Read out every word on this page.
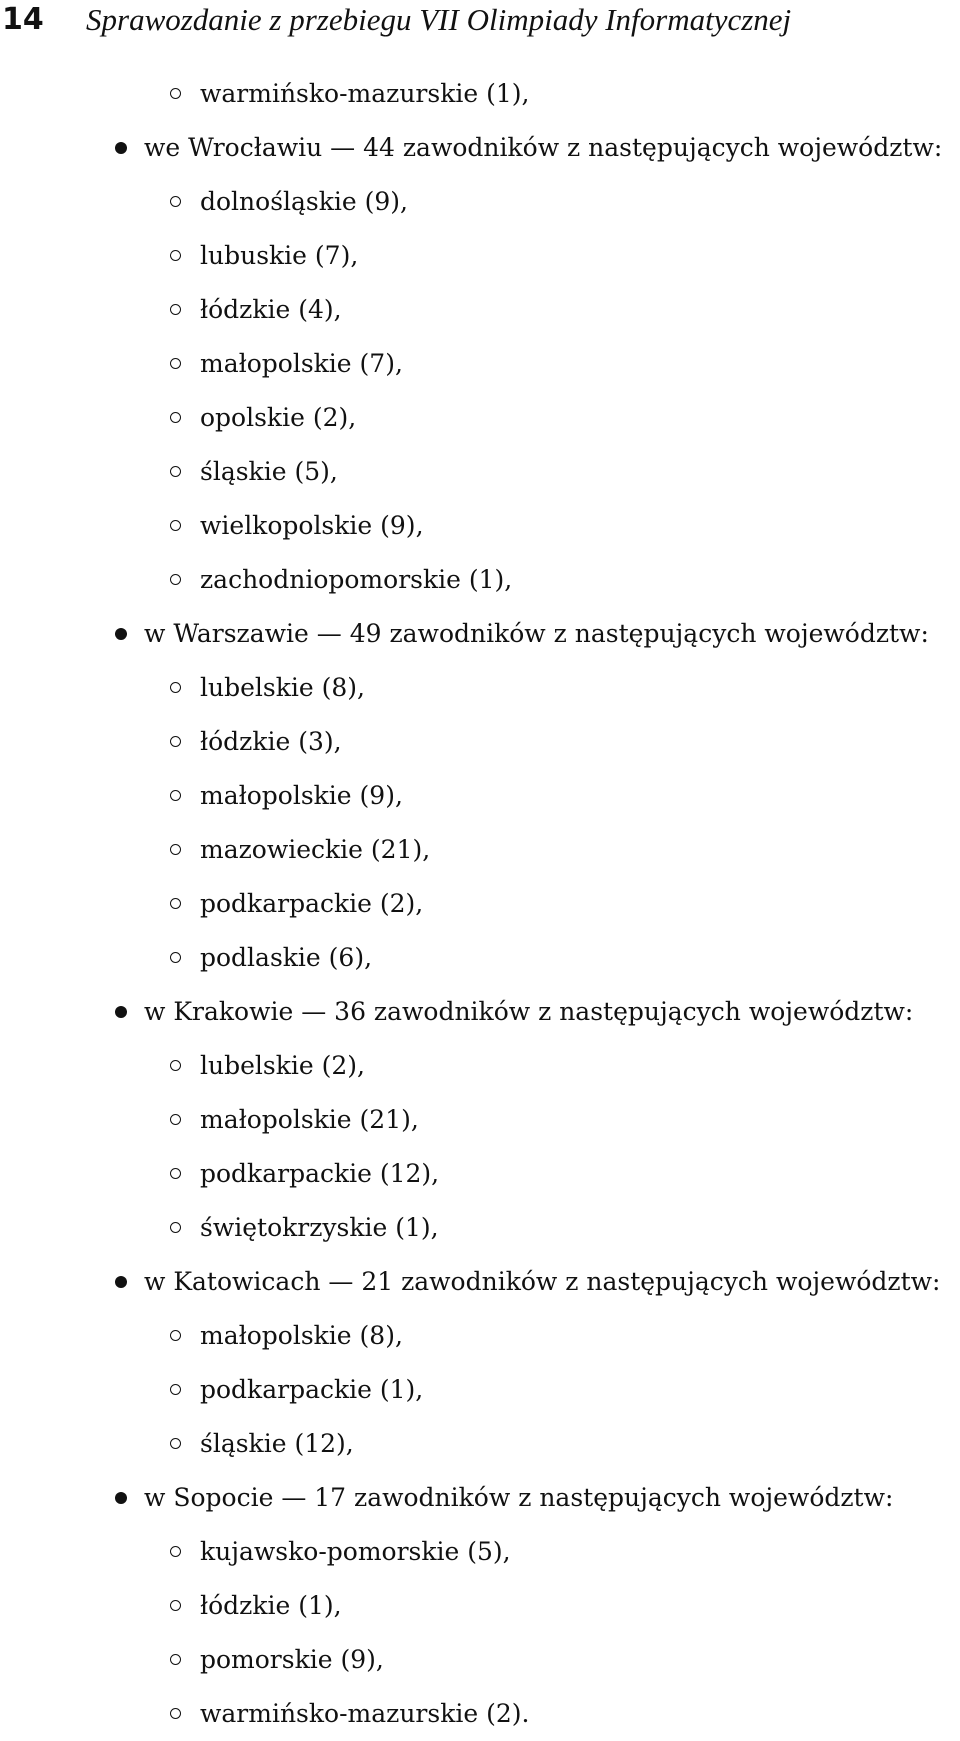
14 Sprawozdanie z przebiegu VII Olimpiady Informatycznej
warmińsko-mazurskie (1),
we Wrocławiu — 44 zawodników z następujących województw:
dolnośląskie (9),
lubuskie (7),
łódzkie (4),
małopolskie (7),
opolskie (2),
śląskie (5),
wielkopolskie (9),
zachodniopomorskie (1),
w Warszawie — 49 zawodników z następujących województw:
lubelskie (8),
łódzkie (3),
małopolskie (9),
mazowieckie (21),
podkarpackie (2),
podlaskie (6),
w Krakowie — 36 zawodników z następujących województw:
lubelskie (2),
małopolskie (21),
podkarpackie (12),
świętokrzyskie (1),
w Katowicach — 21 zawodników z następujących województw:
małopolskie (8),
podkarpackie (1),
śląskie (12),
w Sopocie — 17 zawodników z następujących województw:
kujawsko-pomorskie (5),
łódzkie (1),
pomorskie (9),
warmińsko-mazurskie (2).
